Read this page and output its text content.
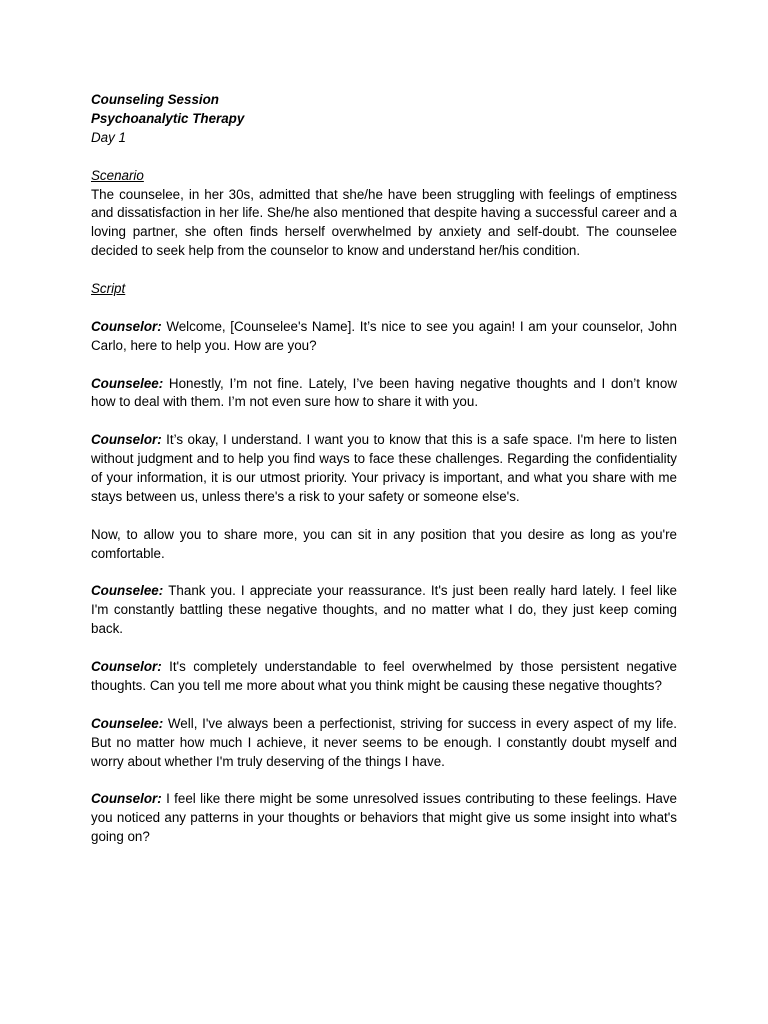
Counseling Session

Psychoanalytic Therapy

Day 1

Scenario

The counselee, in her 30s, admitted that she/he have been struggling with feelings of emptiness and dissatisfaction in her life. She/he also mentioned that despite having a successful career and a loving partner, she often finds herself overwhelmed by anxiety and self-doubt. The counselee decided to seek help from the counselor to know and understand her/his condition.

Script

Counselor: Welcome, [Counselee's Name]. It’s nice to see you again! I am your counselor, John Carlo, here to help you. How are you?

Counselee: Honestly, I’m not fine. Lately, I’ve been having negative thoughts and I don’t know how to deal with them. I’m not even sure how to share it with you.

Counselor: It’s okay, I understand. I want you to know that this is a safe space. I'm here to listen without judgment and to help you find ways to face these challenges. Regarding the confidentiality of your information, it is our utmost priority. Your privacy is important, and what you share with me stays between us, unless there's a risk to your safety or someone else's.

Now, to allow you to share more, you can sit in any position that you desire as long as you're comfortable.

Counselee: Thank you. I appreciate your reassurance. It's just been really hard lately. I feel like I'm constantly battling these negative thoughts, and no matter what I do, they just keep coming back.

Counselor: It's completely understandable to feel overwhelmed by those persistent negative thoughts. Can you tell me more about what you think might be causing these negative thoughts?

Counselee: Well, I've always been a perfectionist, striving for success in every aspect of my life. But no matter how much I achieve, it never seems to be enough. I constantly doubt myself and worry about whether I'm truly deserving of the things I have.

Counselor: I feel like there might be some unresolved issues contributing to these feelings. Have you noticed any patterns in your thoughts or behaviors that might give us some insight into what's going on?
